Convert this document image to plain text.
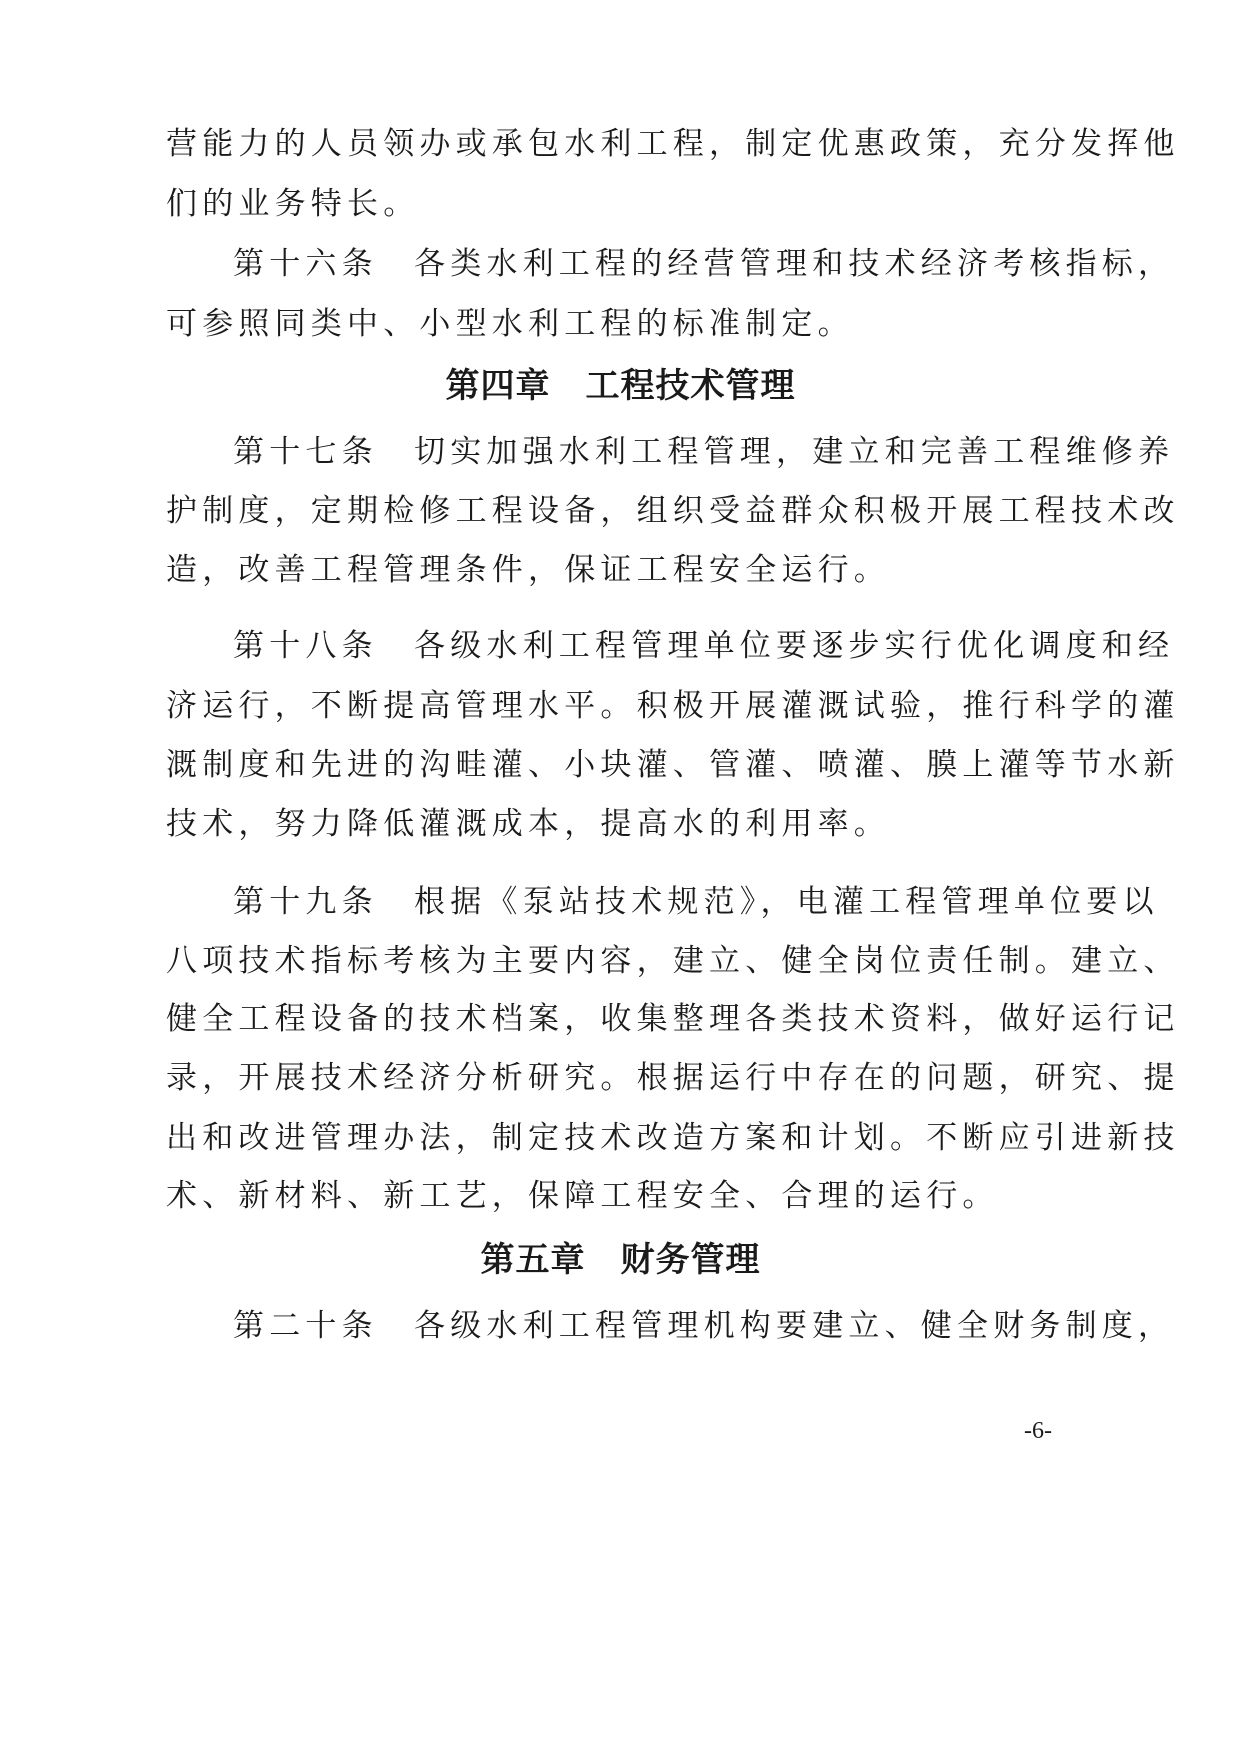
营能力的人员领办或承包水利工程，制定优惠政策，充分发挥他
们的业务特长。
第十六条　各类水利工程的经营管理和技术经济考核指标，
可参照同类中、小型水利工程的标准制定。
第四章　工程技术管理
第十七条　切实加强水利工程管理，建立和完善工程维修养
护制度，定期检修工程设备，组织受益群众积极开展工程技术改
造，改善工程管理条件，保证工程安全运行。
第十八条　各级水利工程管理单位要逐步实行优化调度和经
济运行，不断提高管理水平。积极开展灌溉试验，推行科学的灌
溉制度和先进的沟畦灌、小块灌、管灌、喷灌、膜上灌等节水新
技术，努力降低灌溉成本，提高水的利用率。
第十九条　根据《泵站技术规范》，电灌工程管理单位要以
八项技术指标考核为主要内容，建立、健全岗位责任制。建立、
健全工程设备的技术档案，收集整理各类技术资料，做好运行记
录，开展技术经济分析研究。根据运行中存在的问题，研究、提
出和改进管理办法，制定技术改造方案和计划。不断应引进新技
术、新材料、新工艺，保障工程安全、合理的运行。
第五章　财务管理
第二十条　各级水利工程管理机构要建立、健全财务制度，
-6-
